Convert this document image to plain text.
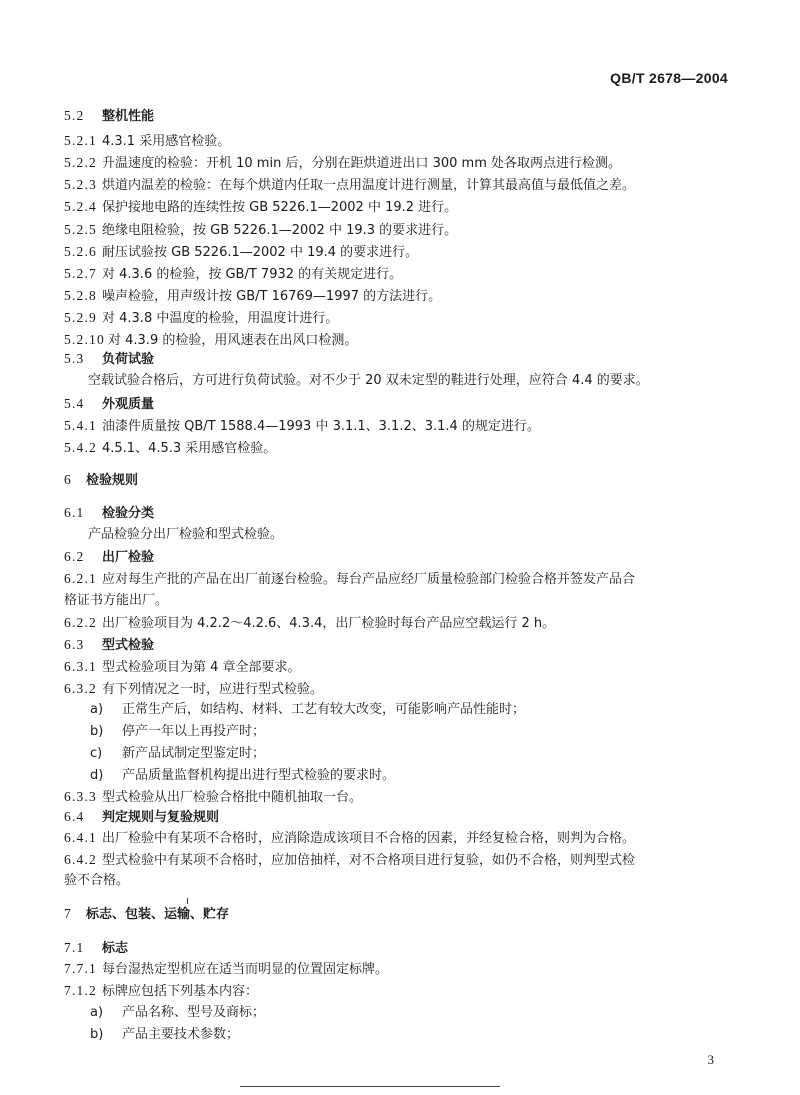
QB/T 2678—2004
5.2 整机性能
5.2.1 4.3.1 采用感官检验。
5.2.2 升温速度的检验：开机 10 min 后，分别在距烘道进出口 300 mm 处各取两点进行检测。
5.2.3 烘道内温差的检验：在每个烘道内任取一点用温度计进行测量，计算其最高值与最低值之差。
5.2.4 保护接地电路的连续性按 GB 5226.1—2002 中 19.2 进行。
5.2.5 绝缘电阻检验，按 GB 5226.1—2002 中 19.3 的要求进行。
5.2.6 耐压试验按 GB 5226.1—2002 中 19.4 的要求进行。
5.2.7 对 4.3.6 的检验，按 GB/T 7932 的有关规定进行。
5.2.8 噪声检验，用声级计按 GB/T 16769—1997 的方法进行。
5.2.9 对 4.3.8 中温度的检验，用温度计进行。
5.2.10 对 4.3.9 的检验，用风速表在出风口检测。
5.3 负荷试验
空载试验合格后，方可进行负荷试验。对不少于 20 双未定型的鞋进行处理，应符合 4.4 的要求。
5.4 外观质量
5.4.1 油漆件质量按 QB/T 1588.4—1993 中 3.1.1、3.1.2、3.1.4 的规定进行。
5.4.2 4.5.1、4.5.3 采用感官检验。
6 检验规则
6.1 检验分类
产品检验分出厂检验和型式检验。
6.2 出厂检验
6.2.1 应对每生产批的产品在出厂前逐台检验。每台产品应经厂质量检验部门检验合格并签发产品合
格证书方能出厂。
6.2.2 出厂检验项目为 4.2.2～4.2.6、4.3.4，出厂检验时每台产品应空载运行 2 h。
6.3 型式检验
6.3.1 型式检验项目为第 4 章全部要求。
6.3.2 有下列情况之一时，应进行型式检验。
a) 正常生产后，如结构、材料、工艺有较大改变，可能影响产品性能时；
b) 停产一年以上再投产时；
c) 新产品试制定型鉴定时；
d) 产品质量监督机构提出进行型式检验的要求时。
6.3.3 型式检验从出厂检验合格批中随机抽取一台。
6.4 判定规则与复验规则
6.4.1 出厂检验中有某项不合格时，应消除造成该项目不合格的因素，并经复检合格，则判为合格。
6.4.2 型式检验中有某项不合格时，应加倍抽样，对不合格项目进行复验，如仍不合格，则判型式检
验不合格。
7 标志、包装、运输、贮存
7.1 标志
7.7.1 每台湿热定型机应在适当而明显的位置固定标牌。
7.1.2 标牌应包括下列基本内容：
a) 产品名称、型号及商标；
b) 产品主要技术参数；
3
